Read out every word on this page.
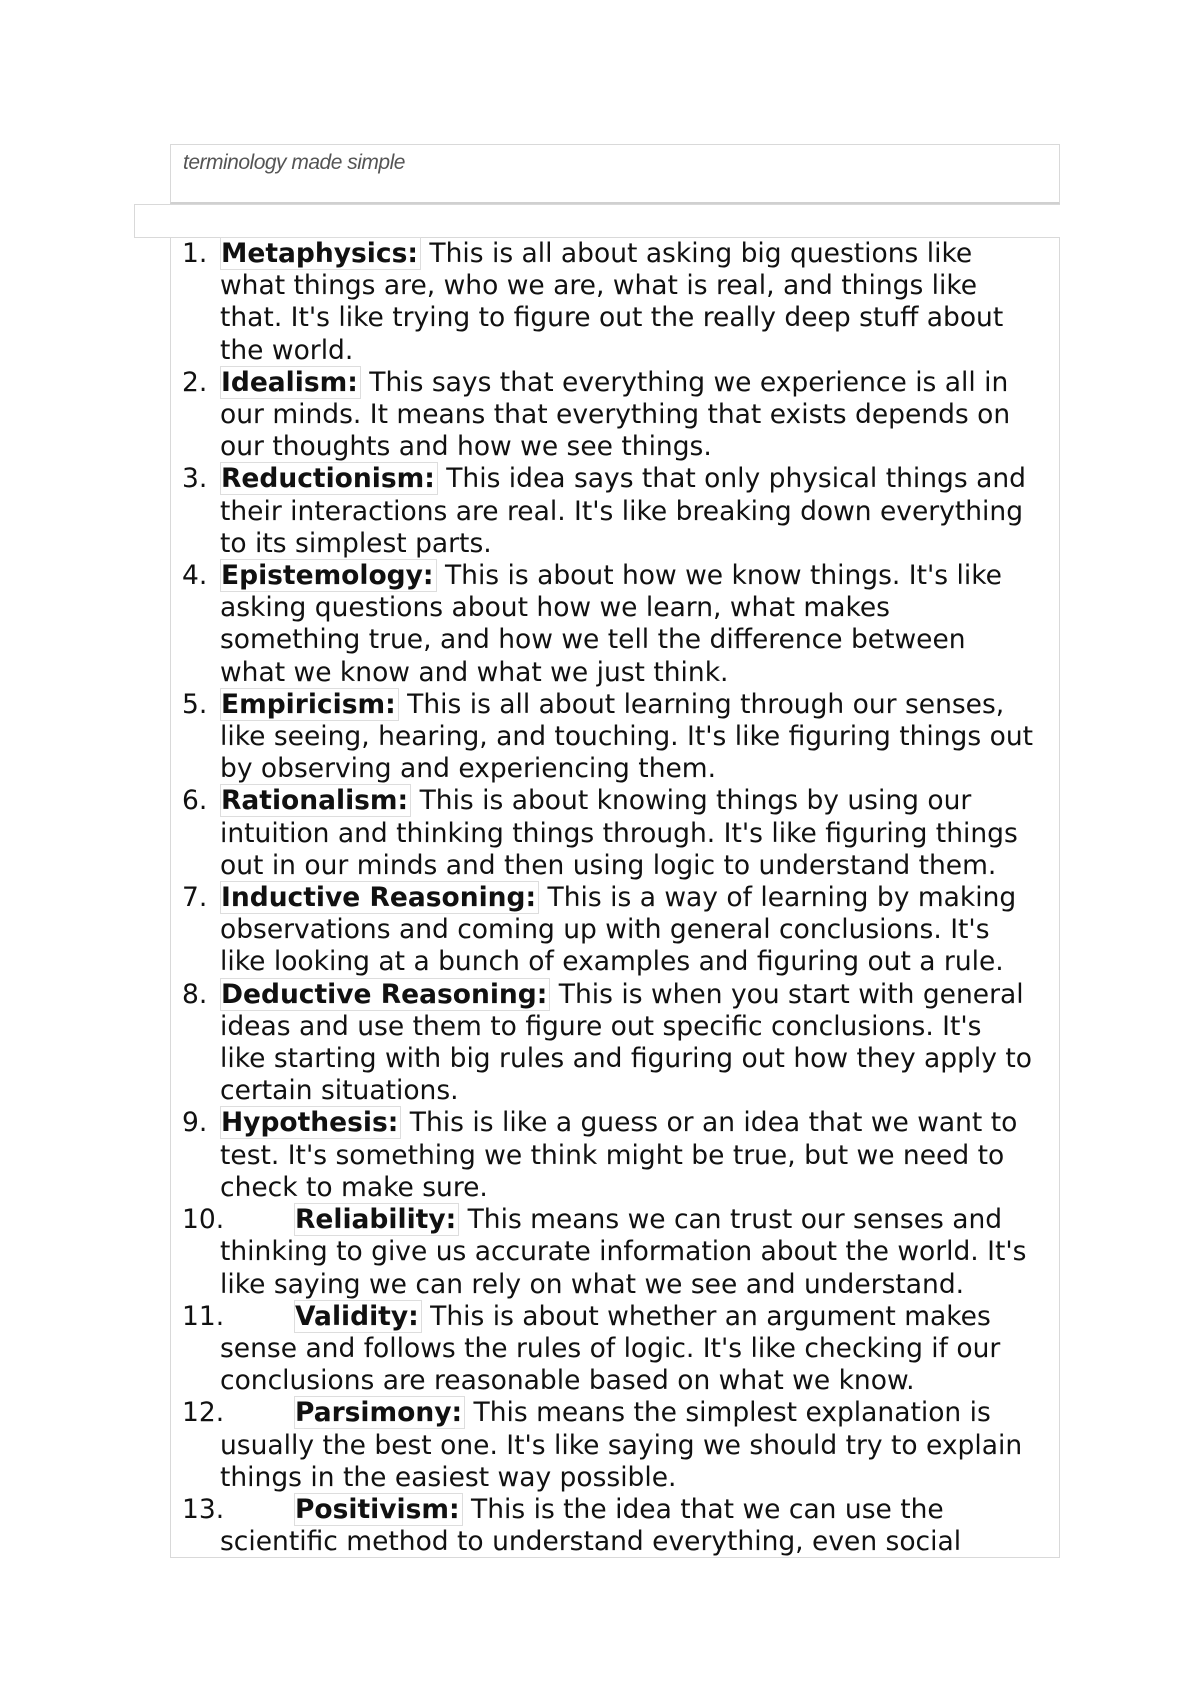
terminology made simple
1. Metaphysics: This is all about asking big questions like
what things are, who we are, what is real, and things like
that. It's like trying to figure out the really deep stuff about
the world.
2. Idealism: This says that everything we experience is all in
our minds. It means that everything that exists depends on
our thoughts and how we see things.
3. Reductionism: This idea says that only physical things and
their interactions are real. It's like breaking down everything
to its simplest parts.
4. Epistemology: This is about how we know things. It's like
asking questions about how we learn, what makes
something true, and how we tell the difference between
what we know and what we just think.
5. Empiricism: This is all about learning through our senses,
like seeing, hearing, and touching. It's like figuring things out
by observing and experiencing them.
6. Rationalism: This is about knowing things by using our
intuition and thinking things through. It's like figuring things
out in our minds and then using logic to understand them.
7. Inductive Reasoning: This is a way of learning by making
observations and coming up with general conclusions. It's
like looking at a bunch of examples and figuring out a rule.
8. Deductive Reasoning: This is when you start with general
ideas and use them to figure out specific conclusions. It's
like starting with big rules and figuring out how they apply to
certain situations.
9. Hypothesis: This is like a guess or an idea that we want to
test. It's something we think might be true, but we need to
check to make sure.
10.	Reliability: This means we can trust our senses and
thinking to give us accurate information about the world. It's
like saying we can rely on what we see and understand.
11.	Validity: This is about whether an argument makes
sense and follows the rules of logic. It's like checking if our
conclusions are reasonable based on what we know.
12.	Parsimony: This means the simplest explanation is
usually the best one. It's like saying we should try to explain
things in the easiest way possible.
13.	Positivism: This is the idea that we can use the
scientific method to understand everything, even social
